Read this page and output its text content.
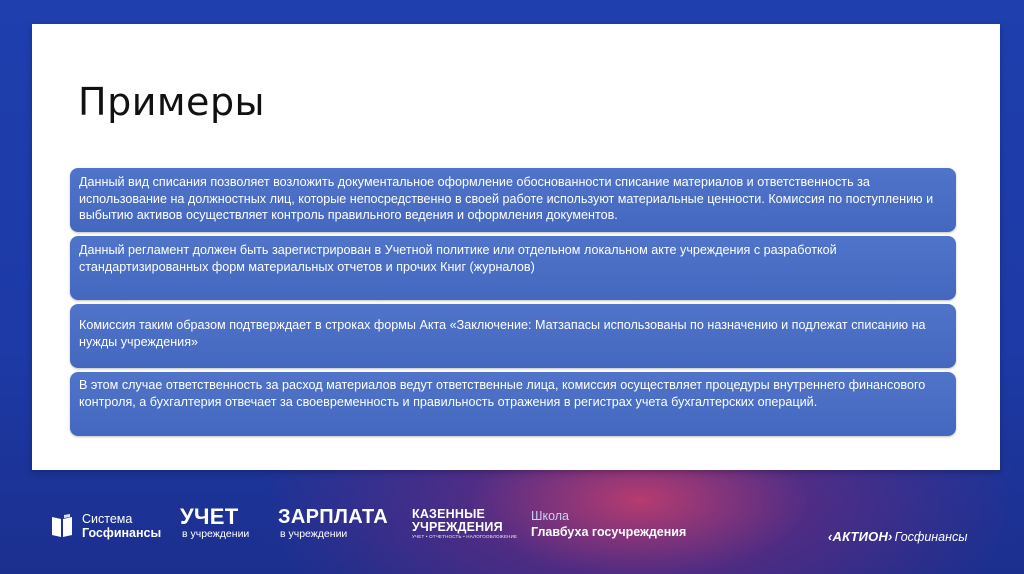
Примеры
Данный вид списания позволяет возложить документальное оформление обоснованности списание материалов и ответственность за использование на должностных лиц, которые непосредственно в своей работе используют материальные ценности. Комиссия по поступлению и выбытию активов осуществляет контроль правильного ведения и оформления документов.
Данный регламент должен быть зарегистрирован в Учетной политике или отдельном локальном акте учреждения с разработкой стандартизированных форм материальных отчетов и прочих Книг (журналов)
Комиссия таким образом подтверждает в строках формы Акта «Заключение: Матзапасы использованы по назначению и подлежат списанию на нужды учреждения»
В этом случае ответственность за расход материалов ведут ответственные лица, комиссия осуществляет процедуры внутреннего финансового контроля, а бухгалтерия отвечает за своевременность и правильность отражения в регистрах учета бухгалтерских операций.
Система
Госфинансы
УЧЕТ
в учреждении
ЗАРПЛАТА
в учреждении
КАЗЕННЫЕ
УЧРЕЖДЕНИЯ
УЧЕТ • ОТЧЕТНОСТЬ • НАЛОГООБЛОЖЕНИЕ
Школа
Главбуха госучреждения	‹АКТИОН› Госфинансы
